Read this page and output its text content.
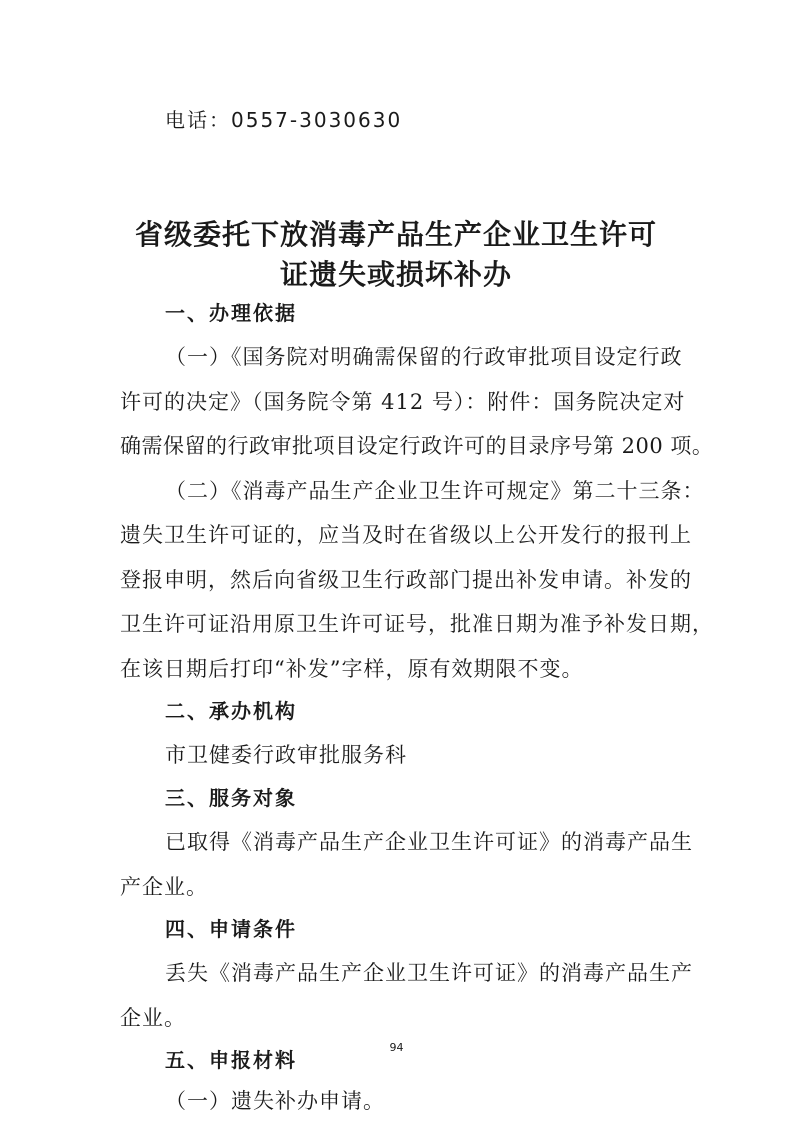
电话：0557-3030630
省级委托下放消毒产品生产企业卫生许可
证遗失或损坏补办
一、办理依据
（一）《国务院对明确需保留的行政审批项目设定行政
许可的决定》（国务院令第 412 号）：附件：国务院决定对
确需保留的行政审批项目设定行政许可的目录序号第 200 项。
（二）《消毒产品生产企业卫生许可规定》第二十三条：
遗失卫生许可证的，应当及时在省级以上公开发行的报刊上
登报申明，然后向省级卫生行政部门提出补发申请。补发的
卫生许可证沿用原卫生许可证号，批准日期为准予补发日期，
在该日期后打印“补发”字样，原有效期限不变。
二、承办机构
市卫健委行政审批服务科
三、服务对象
已取得《消毒产品生产企业卫生许可证》的消毒产品生
产企业。
四、申请条件
丢失《消毒产品生产企业卫生许可证》的消毒产品生产
企业。
五、申报材料
（一）遗失补办申请。
94
